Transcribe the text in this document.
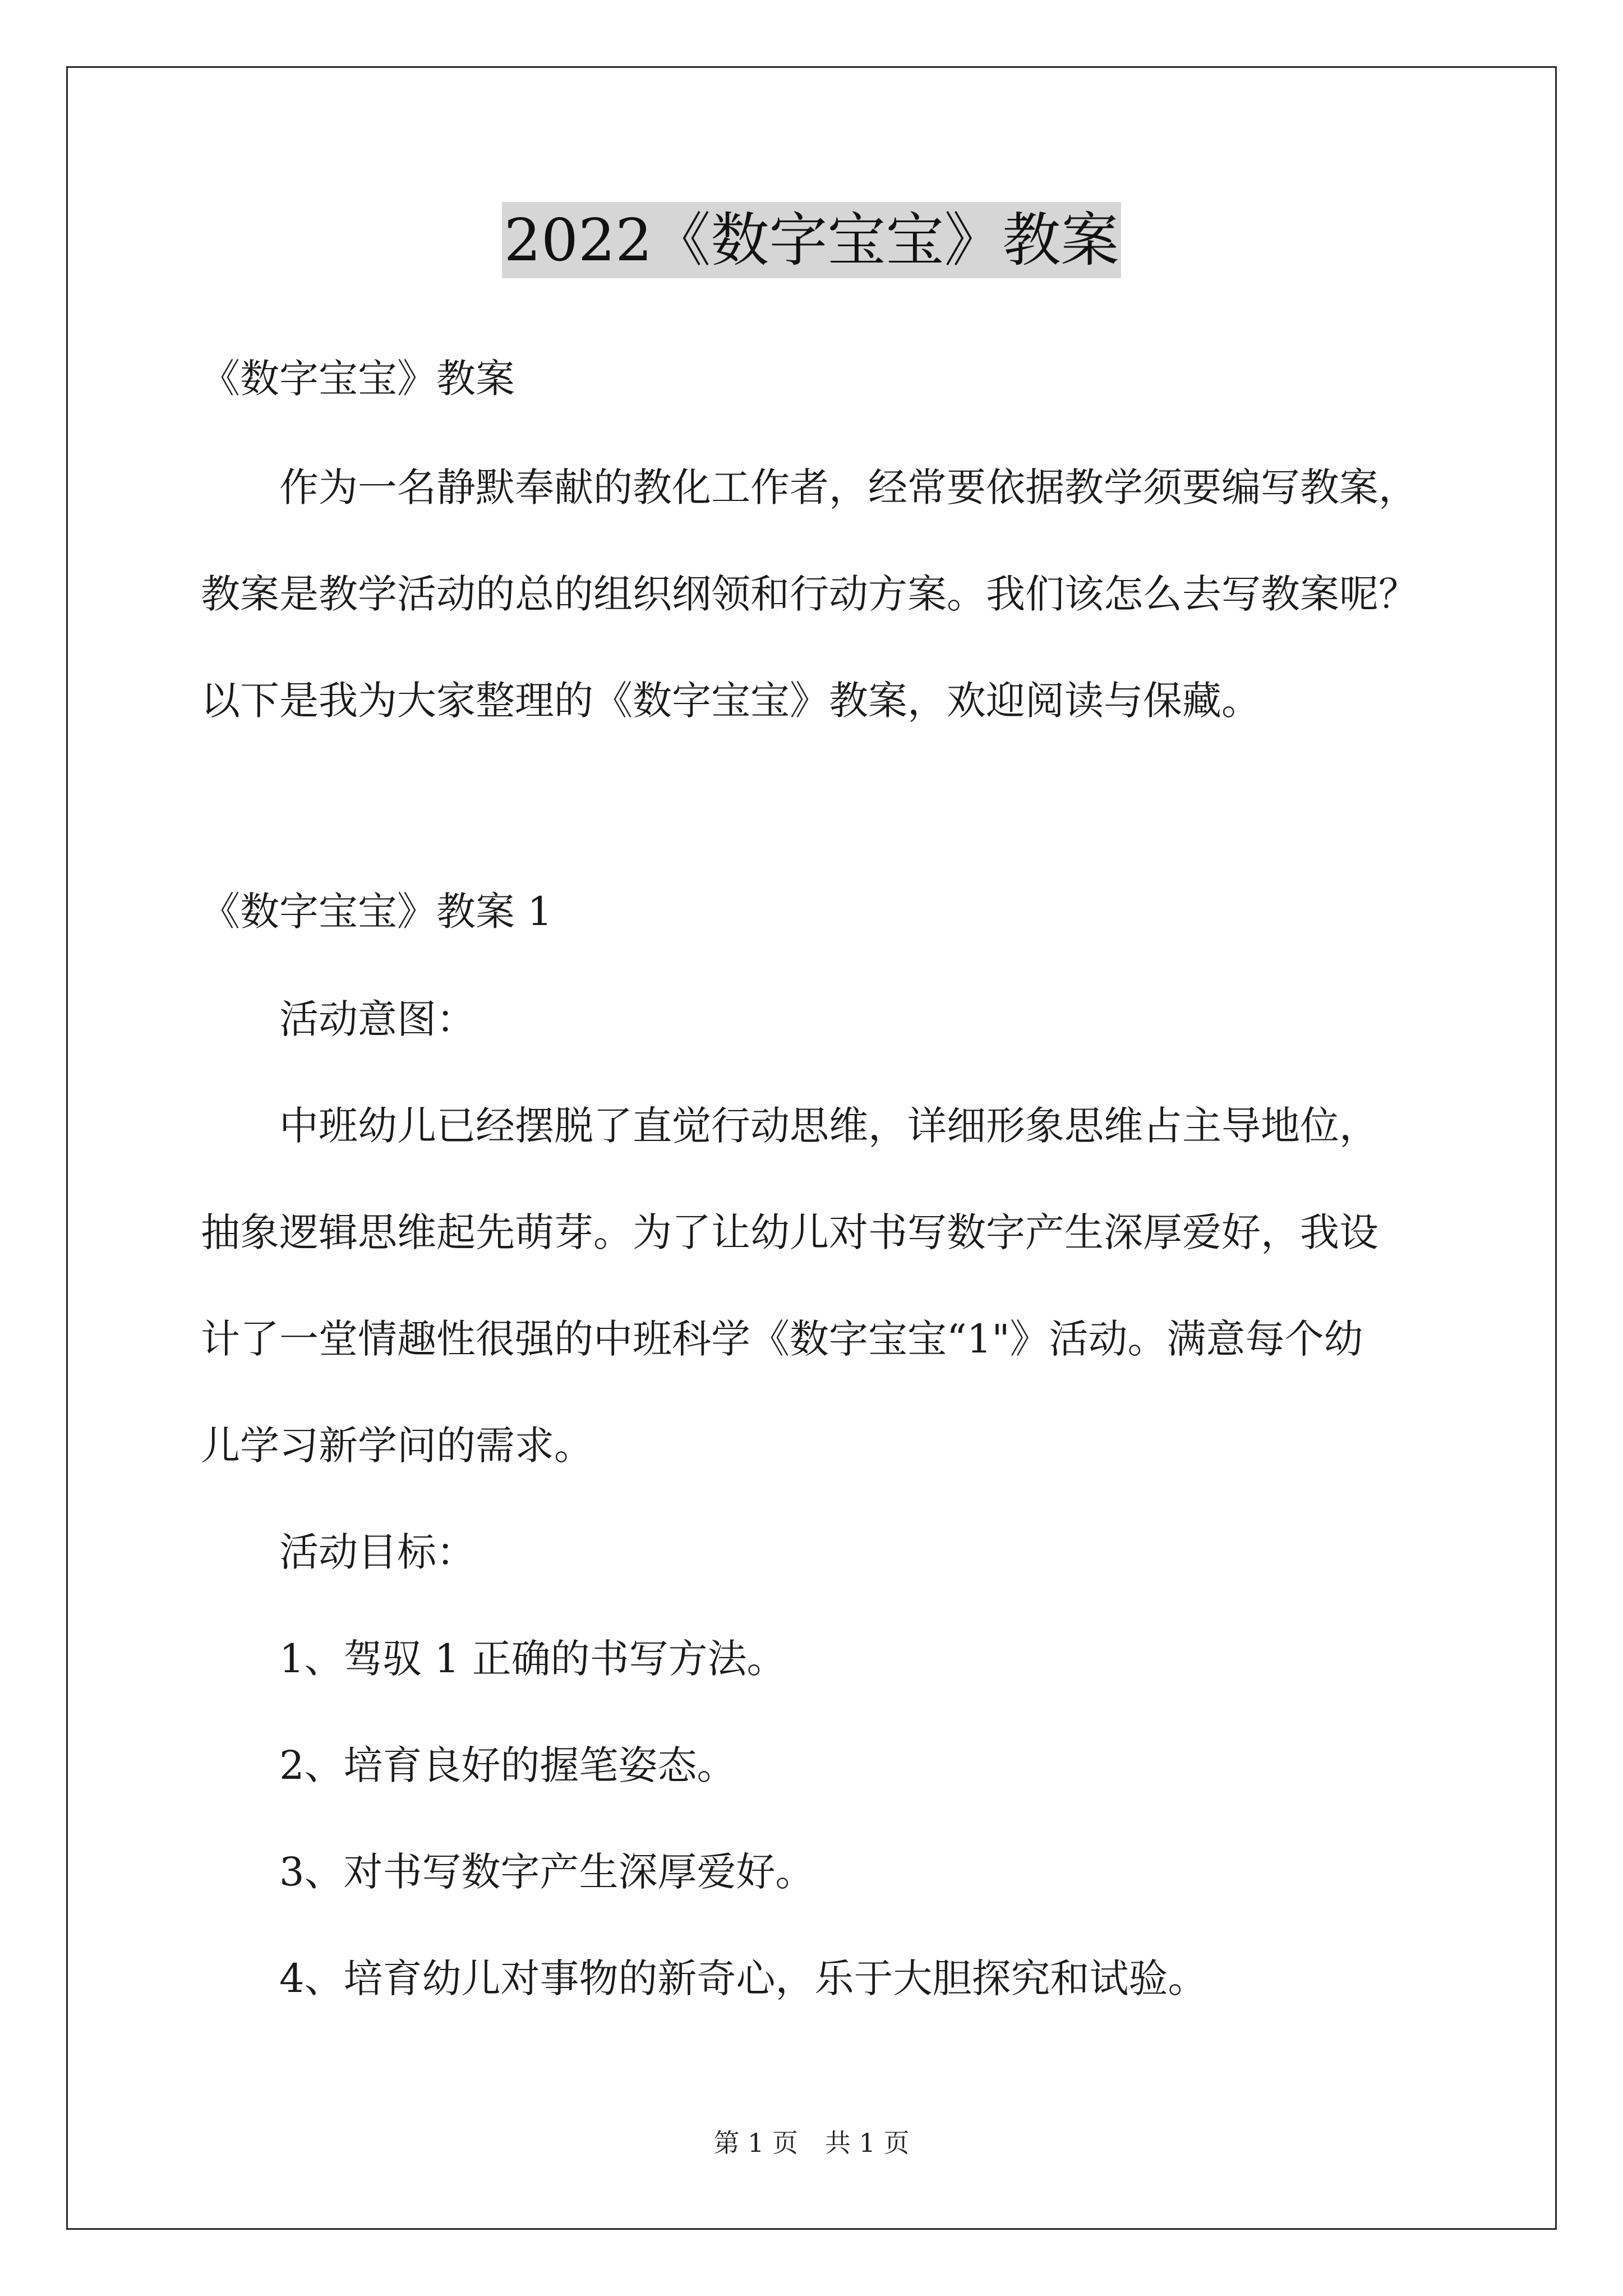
2022《数字宝宝》教案
《数字宝宝》教案
作为一名静默奉献的教化工作者，经常要依据教学须要编写教案，
教案是教学活动的总的组织纲领和行动方案。我们该怎么去写教案呢？
以下是我为大家整理的《数字宝宝》教案，欢迎阅读与保藏。
《数字宝宝》教案 1
活动意图：
中班幼儿已经摆脱了直觉行动思维，详细形象思维占主导地位，
抽象逻辑思维起先萌芽。为了让幼儿对书写数字产生深厚爱好，我设
计了一堂情趣性很强的中班科学《数字宝宝“1"》活动。满意每个幼
儿学习新学问的需求。
活动目标：
1、驾驭 1 正确的书写方法。
2、培育良好的握笔姿态。
3、对书写数字产生深厚爱好。
4、培育幼儿对事物的新奇心，乐于大胆探究和试验。
第 1 页 共 1 页
